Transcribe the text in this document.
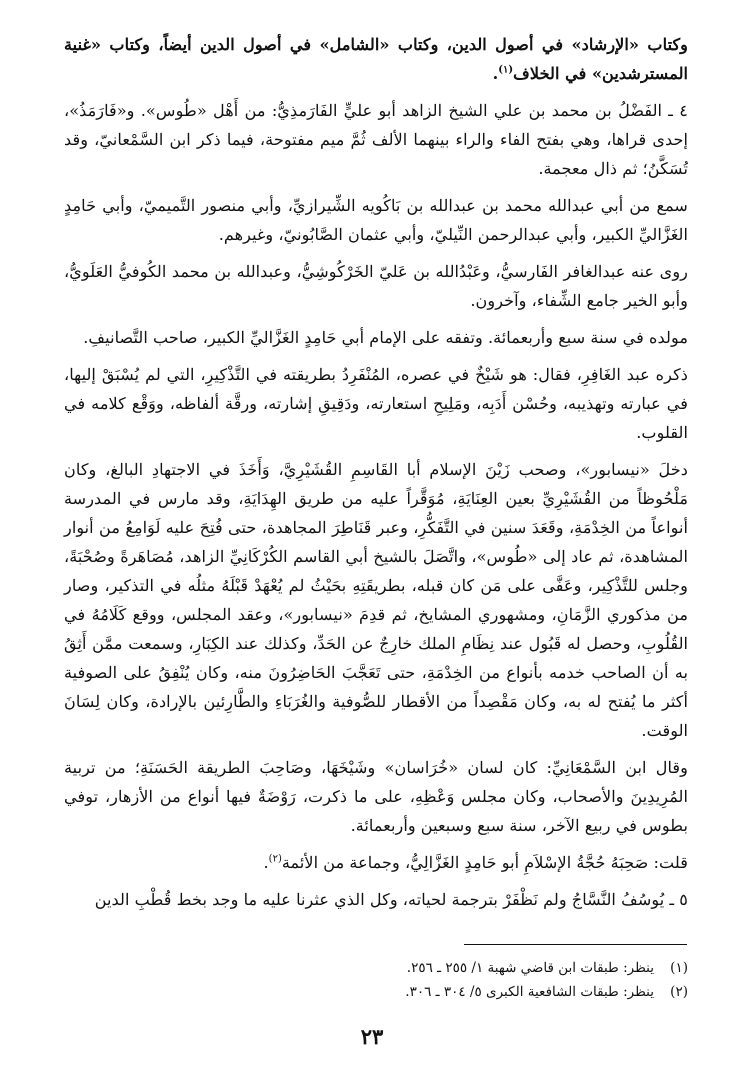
وكتاب «الإرشاد» في أصول الدين، وكتاب «الشامل» في أصول الدين أيضاً، وكتاب «غنية المسترشدين» في الخلاف$^{(١)}$.

٤ ـ الفَضْلُ بن محمد بن علي الشيخ الزاهد أبو عليٍّ الفَارَمذِيُّ: من أَهْل «طُوس». و«فَارَمَذُ»، إحدى قراها، وهي بفتح الفاء والراء بينهما الألف ثُمَّ ميم مفتوحة، فيما ذكر ابن السَّمْعانيّ، وقد تُسَكَّنُ؛ ثم ذال معجمة.

سمع من أبي عبدالله محمد بن عبدالله بن بَاكُويه الشِّيرازيِّ، وأبي منصور التَّميميّ، وأبي حَامِدٍ الغَزَّاليِّ الكبير، وأبي عبدالرحمن النِّيليّ، وأبي عثمان الصَّابُونيّ، وغيرهم.

روى عنه عبدالغافر الفَارسيُّ، وعَبْدُالله بن عَليّ الخَرْكُوشِيُّ، وعبدالله بن محمد الكُوفيُّ العَلَويُّ، وأبو الخير جامع الشِّفاء، وآخرون.

مولده في سنة سبع وأربعمائة. وتفقه على الإمام أبي حَامِدٍ الغَزَّاليِّ الكبير، صاحب التَّصانيفِ.

ذكره عبد الغَافِرِ، فقال: هو شَيْخٌ في عصره، المُنْفَرِدُ بطريقته في التَّذْكِيرِ، التي لم يُسْبَقْ إليها، في عبارته وتهذيبه، وحُسْن أَدَبِه، ومَلِيحِ استعارته، ودَقِيقِ إشارته، ورقَّة ألفاظه، ووَقْع كلامه في القلوب.

دخلَ «نيسابور»، وصحب زَيْنَ الإسلام أبا القَاسِمِ القُشَيْرِيَّ، وَأَخَذَ في الاجتهادِ البالغ، وكان مَلْحُوظاً من القُشَيْرِيِّ بعين العِنَايَةِ، مُوَقَّراً عليه من طريق الهِدَايَةِ، وقد مارس في المدرسة أنواعاً من الخِدْمَةِ، وقَعَدَ سنين في التَّفَكُّرِ، وعبر قَنَاطِرَ المجاهدة، حتى فُتِحَ عليه لَوَامِعُ من أنوار المشاهدة، ثم عاد إلى «طُوس»، واتَّصَلَ بالشيخ أبي القاسم الكُرْكَانِيِّ الزاهد، مُصَاهَرةً وصُحْبَةً، وجلس للتَّذْكِير، وعَفَّى على مَن كان قبله، بطريقَتِهِ بحَيْثُ لم يُعْهَدْ قَبْلَهُ مثلُه في التذكير، وصار من مذكوري الزَّمَانِ، ومشهوري المشايخ، ثم قدِمَ «نيسابور»، وعقد المجلس، ووقع كَلَامُهُ في القُلُوبِ، وحصل له قَبُول عند نِظَامِ الملك خارِجٌ عن الحَدِّ، وكذلك عند الكِبَارِ، وسمعت ممَّن أَثِقُ به أن الصاحب خدمه بأنواع من الخِدْمَةِ، حتى تَعَجَّبَ الحَاضِرُونَ منه، وكان يُنْفِقُ على الصوفية أكثر ما يُفتح له به، وكان مَقْصِداً من الأقطار للصُّوفية والغُرَبَاءِ والطَّارِئين بالإرادة، وكان لِسَانَ الوقت.

وقال ابن السَّمْعَانِيِّ: كان لسان «خُرَاسان» وشَيْخَهَا، وصَاحِبَ الطريقة الحَسَنَةِ؛ من تربية المُرِيدِينَ والأصحاب، وكان مجلس وَعْظِهِ، على ما ذكرت، رَوْضَةٌ فيها أنواع من الأزهار، توفي بطوس في ربيع الآخر، سنة سبع وسبعين وأربعمائة.

قلت: صَحِبَهُ حُجَّةُ الإسْلاَمِ أبو حَامِدٍ الغَزَّالِيُّ، وجماعة من الأئمة$^{(٢)}$.

٥ ـ يُوسُفُ النَّسَّاجُ ولم نَظْفَرْ بترجمة لحياته، وكل الذي عثرنا عليه ما وجد بخط قُطْبِ الدين

(١)ينظر: طبقات ابن قاضي شهبة ١/ ٢٥٥ ـ ٢٥٦.
(٢)ينظر: طبقات الشافعية الكبرى ٥/ ٣٠٤ ـ ٣٠٦.
٢٣
